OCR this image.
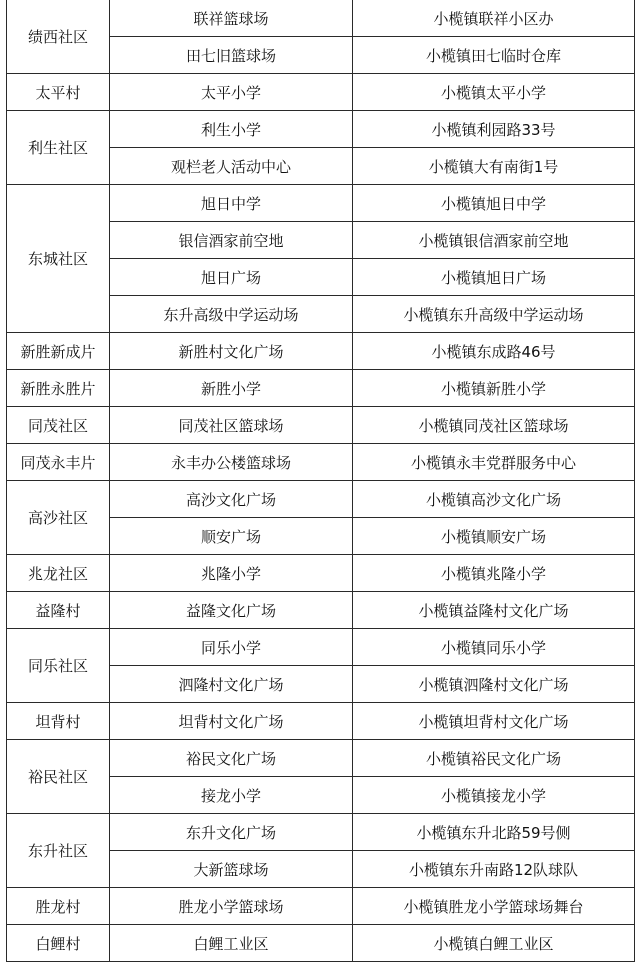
绩西社区	联祥篮球场	小榄镇联祥小区办
	田七旧篮球场	小榄镇田七临时仓库
太平村	太平小学	小榄镇太平小学
利生社区	利生小学	小榄镇利园路33号
	观栏老人活动中心	小榄镇大有南街1号
东城社区	旭日中学	小榄镇旭日中学
	银信酒家前空地	小榄镇银信酒家前空地
	旭日广场	小榄镇旭日广场
	东升高级中学运动场	小榄镇东升高级中学运动场
新胜新成片	新胜村文化广场	小榄镇东成路46号
新胜永胜片	新胜小学	小榄镇新胜小学
同茂社区	同茂社区篮球场	小榄镇同茂社区篮球场
同茂永丰片	永丰办公楼篮球场	小榄镇永丰党群服务中心
高沙社区	高沙文化广场	小榄镇高沙文化广场
	顺安广场	小榄镇顺安广场
兆龙社区	兆隆小学	小榄镇兆隆小学
益隆村	益隆文化广场	小榄镇益隆村文化广场
同乐社区	同乐小学	小榄镇同乐小学
	泗隆村文化广场	小榄镇泗隆村文化广场
坦背村	坦背村文化广场	小榄镇坦背村文化广场
裕民社区	裕民文化广场	小榄镇裕民文化广场
	接龙小学	小榄镇接龙小学
东升社区	东升文化广场	小榄镇东升北路59号侧
	大新篮球场	小榄镇东升南路12队球队
胜龙村	胜龙小学篮球场	小榄镇胜龙小学篮球场舞台
白鲤村	白鲤工业区	小榄镇白鲤工业区
